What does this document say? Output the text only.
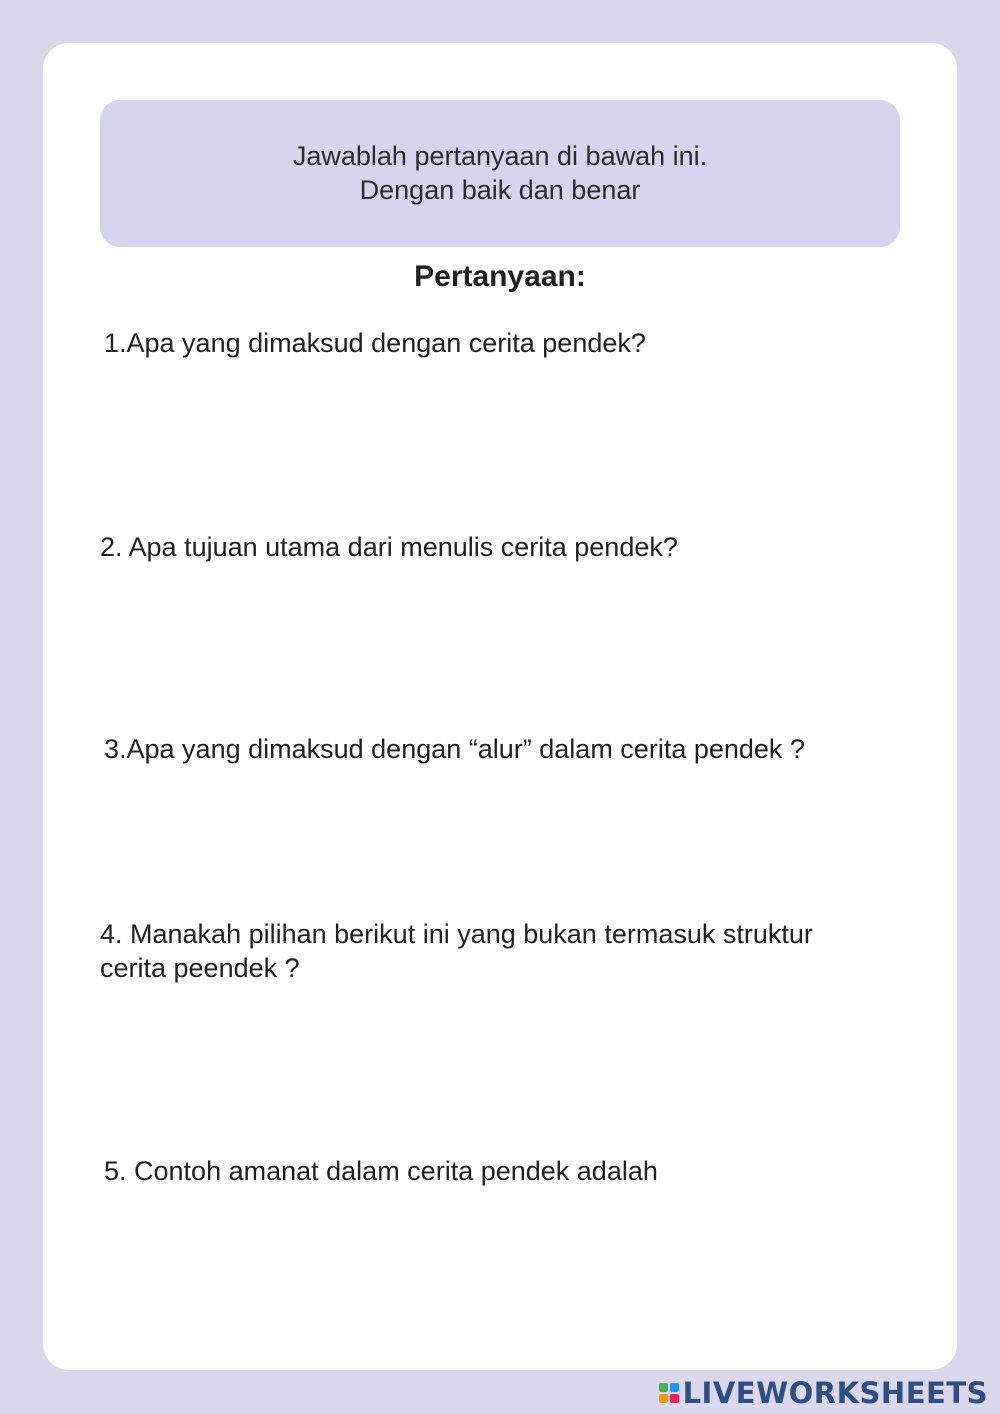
Jawablah pertanyaan di bawah ini.
Dengan baik dan benar
Pertanyaan:
1.Apa yang dimaksud dengan cerita pendek?
2. Apa tujuan utama dari menulis cerita pendek?
3.Apa yang dimaksud dengan “alur” dalam cerita pendek ?
4. Manakah pilihan berikut ini yang bukan termasuk struktur cerita peendek ?
5. Contoh amanat dalam cerita pendek adalah
LIVEWORKSHEETS
